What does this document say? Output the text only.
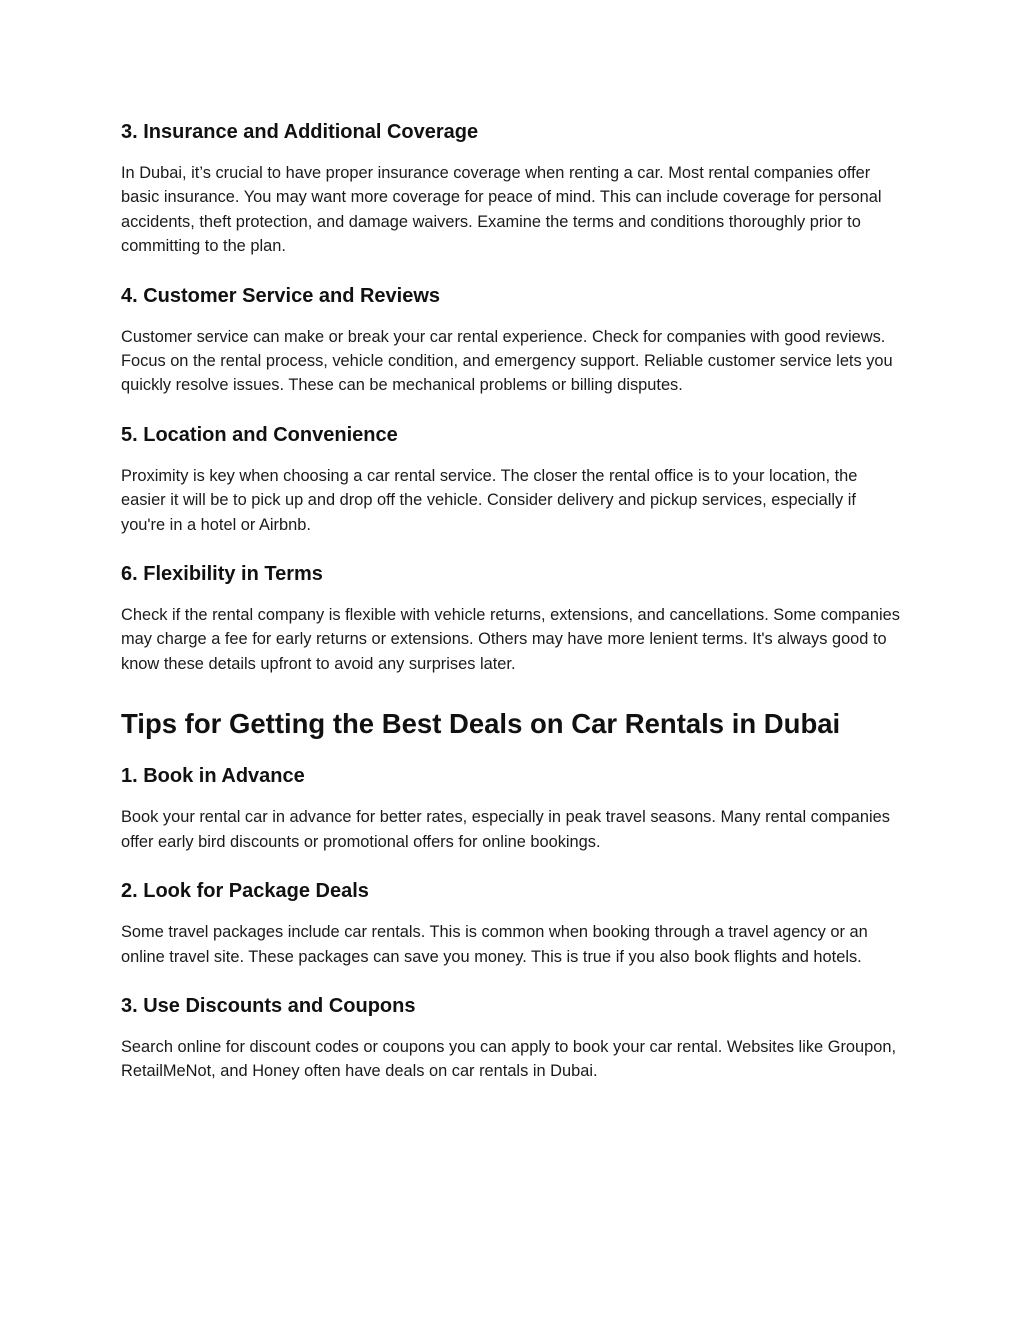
3. Insurance and Additional Coverage

In Dubai, it’s crucial to have proper insurance coverage when renting a car. Most rental companies offer basic insurance. You may want more coverage for peace of mind. This can include coverage for personal accidents, theft protection, and damage waivers. Examine the terms and conditions thoroughly prior to committing to the plan.

4. Customer Service and Reviews

Customer service can make or break your car rental experience. Check for companies with good reviews. Focus on the rental process, vehicle condition, and emergency support. Reliable customer service lets you quickly resolve issues. These can be mechanical problems or billing disputes.

5. Location and Convenience

Proximity is key when choosing a car rental service. The closer the rental office is to your location, the easier it will be to pick up and drop off the vehicle. Consider delivery and pickup services, especially if you're in a hotel or Airbnb.

6. Flexibility in Terms

Check if the rental company is flexible with vehicle returns, extensions, and cancellations. Some companies may charge a fee for early returns or extensions. Others may have more lenient terms. It's always good to know these details upfront to avoid any surprises later.

Tips for Getting the Best Deals on Car Rentals in Dubai
1. Book in Advance

Book your rental car in advance for better rates, especially in peak travel seasons. Many rental companies offer early bird discounts or promotional offers for online bookings.

2. Look for Package Deals

Some travel packages include car rentals. This is common when booking through a travel agency or an online travel site. These packages can save you money. This is true if you also book flights and hotels.

3. Use Discounts and Coupons

Search online for discount codes or coupons you can apply to book your car rental. Websites like Groupon, RetailMeNot, and Honey often have deals on car rentals in Dubai.
